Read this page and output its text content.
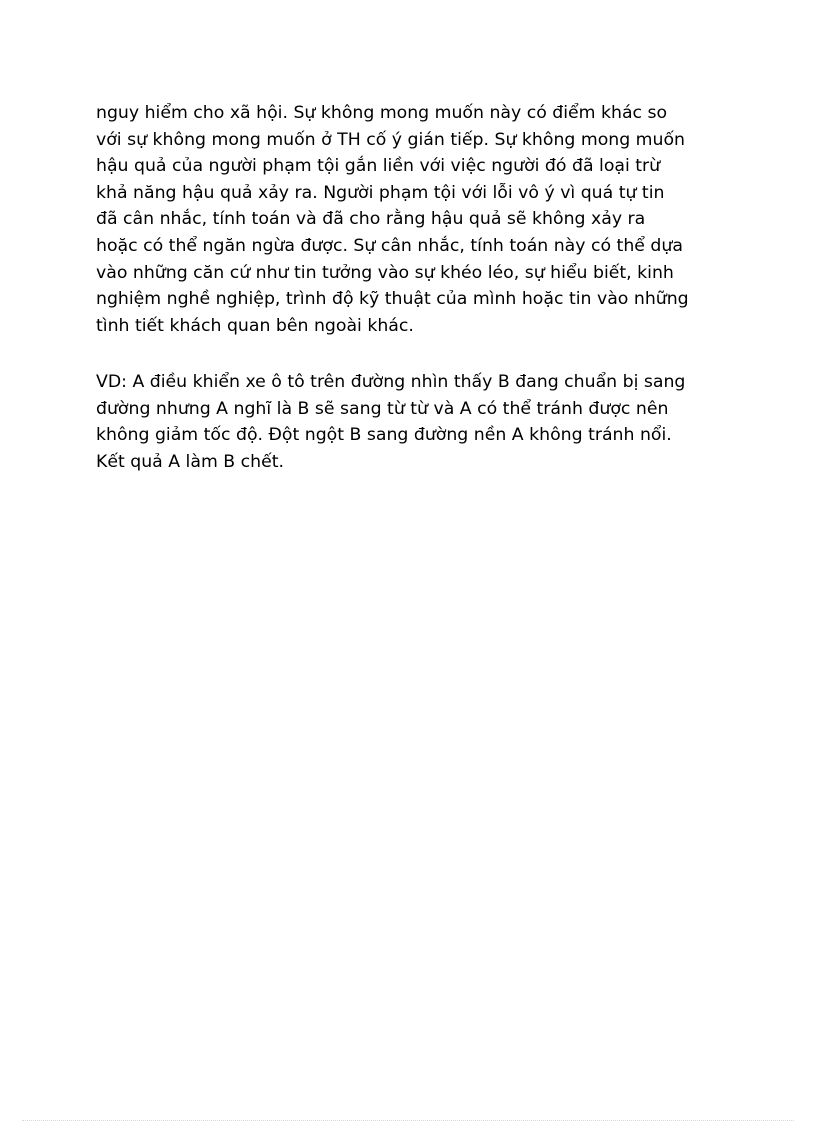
nguy hiểm cho xã hội. Sự không mong muốn này có điểm khác so
với sự không mong muốn ở TH cố ý gián tiếp. Sự không mong muốn
hậu quả của người phạm tội gắn liền với việc người đó đã loại trừ
khả năng hậu quả xảy ra. Người phạm tội với lỗi vô ý vì quá tự tin
đã cân nhắc, tính toán và đã cho rằng hậu quả sẽ không xảy ra
hoặc có thể ngăn ngừa được. Sự cân nhắc, tính toán này có thể dựa
vào những căn cứ như tin tưởng vào sự khéo léo, sự hiểu biết, kinh
nghiệm nghề nghiệp, trình độ kỹ thuật của mình hoặc tin vào những
tình tiết khách quan bên ngoài khác.
VD: A điều khiển xe ô tô trên đường nhìn thấy B đang chuẩn bị sang
đường nhưng A nghĩ là B sẽ sang từ từ và A có thể tránh được nên
không giảm tốc độ. Đột ngột B sang đường nền A không tránh nổi.
Kết quả A làm B chết.
